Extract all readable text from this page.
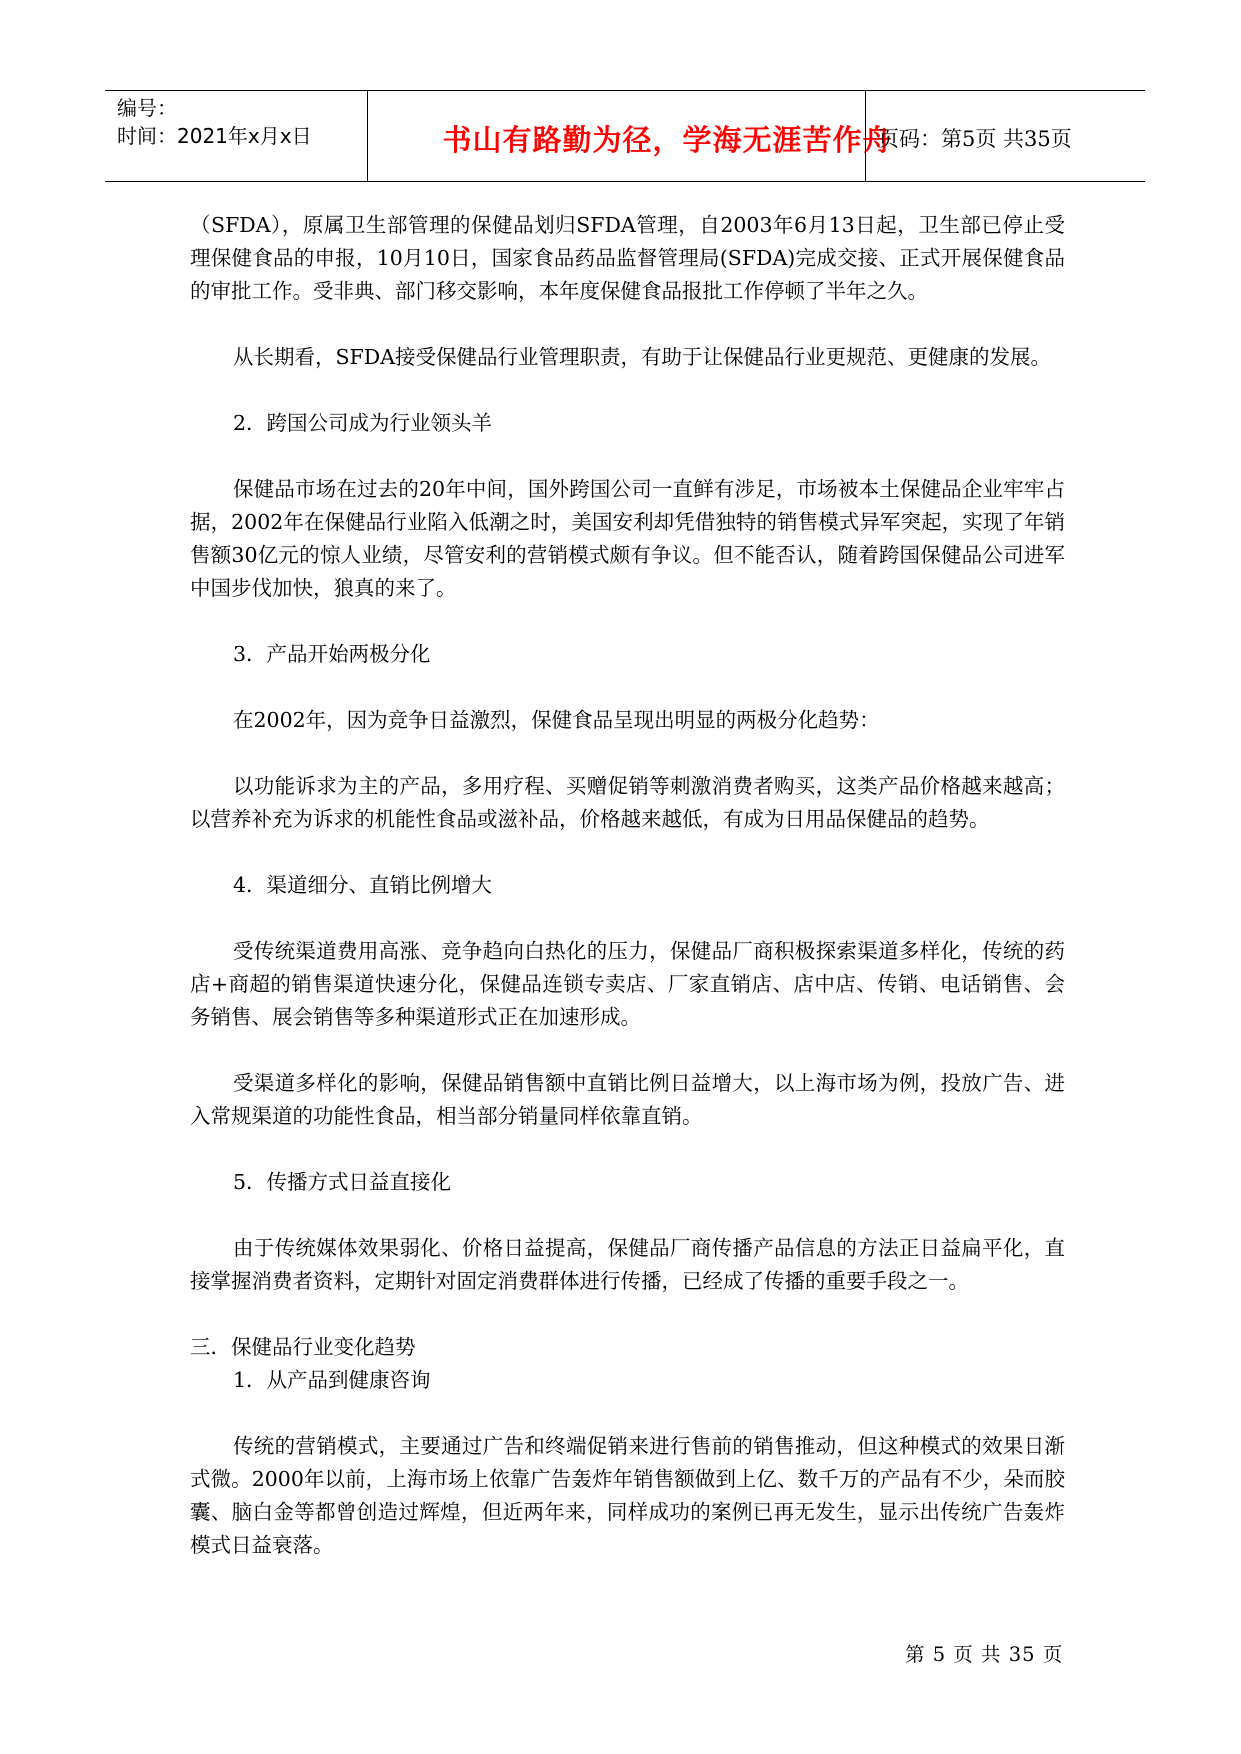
编号：
时间：2021年x月x日	书山有路勤为径，学海无涯苦作舟
页码：第5页 共35页

（SFDA），原属卫生部管理的保健品划归SFDA管理，自2003年6月13日起，卫生部已停止受理保健食品的申报，10月10日，国家食品药品监督管理局(SFDA)完成交接、正式开展保健食品的审批工作。受非典、部门移交影响，本年度保健食品报批工作停顿了半年之久。

从长期看，SFDA接受保健品行业管理职责，有助于让保健品行业更规范、更健康的发展。

2．跨国公司成为行业领头羊

保健品市场在过去的20年中间，国外跨国公司一直鲜有涉足，市场被本土保健品企业牢牢占据，2002年在保健品行业陷入低潮之时，美国安利却凭借独特的销售模式异军突起，实现了年销售额30亿元的惊人业绩，尽管安利的营销模式颇有争议。但不能否认，随着跨国保健品公司进军中国步伐加快，狼真的来了。

3．产品开始两极分化

在2002年，因为竞争日益激烈，保健食品呈现出明显的两极分化趋势：

以功能诉求为主的产品，多用疗程、买赠促销等刺激消费者购买，这类产品价格越来越高；以营养补充为诉求的机能性食品或滋补品，价格越来越低，有成为日用品保健品的趋势。

4．渠道细分、直销比例增大

受传统渠道费用高涨、竞争趋向白热化的压力，保健品厂商积极探索渠道多样化，传统的药店+商超的销售渠道快速分化，保健品连锁专卖店、厂家直销店、店中店、传销、电话销售、会务销售、展会销售等多种渠道形式正在加速形成。

受渠道多样化的影响，保健品销售额中直销比例日益增大，以上海市场为例，投放广告、进入常规渠道的功能性食品，相当部分销量同样依靠直销。

5．传播方式日益直接化

由于传统媒体效果弱化、价格日益提高，保健品厂商传播产品信息的方法正日益扁平化，直接掌握消费者资料，定期针对固定消费群体进行传播，已经成了传播的重要手段之一。

三．保健品行业变化趋势

1．从产品到健康咨询

传统的营销模式，主要通过广告和终端促销来进行售前的销售推动，但这种模式的效果日渐式微。2000年以前，上海市场上依靠广告轰炸年销售额做到上亿、数千万的产品有不少，朵而胶囊、脑白金等都曾创造过辉煌，但近两年来，同样成功的案例已再无发生，显示出传统广告轰炸模式日益衰落。

第 5 页 共 35 页
